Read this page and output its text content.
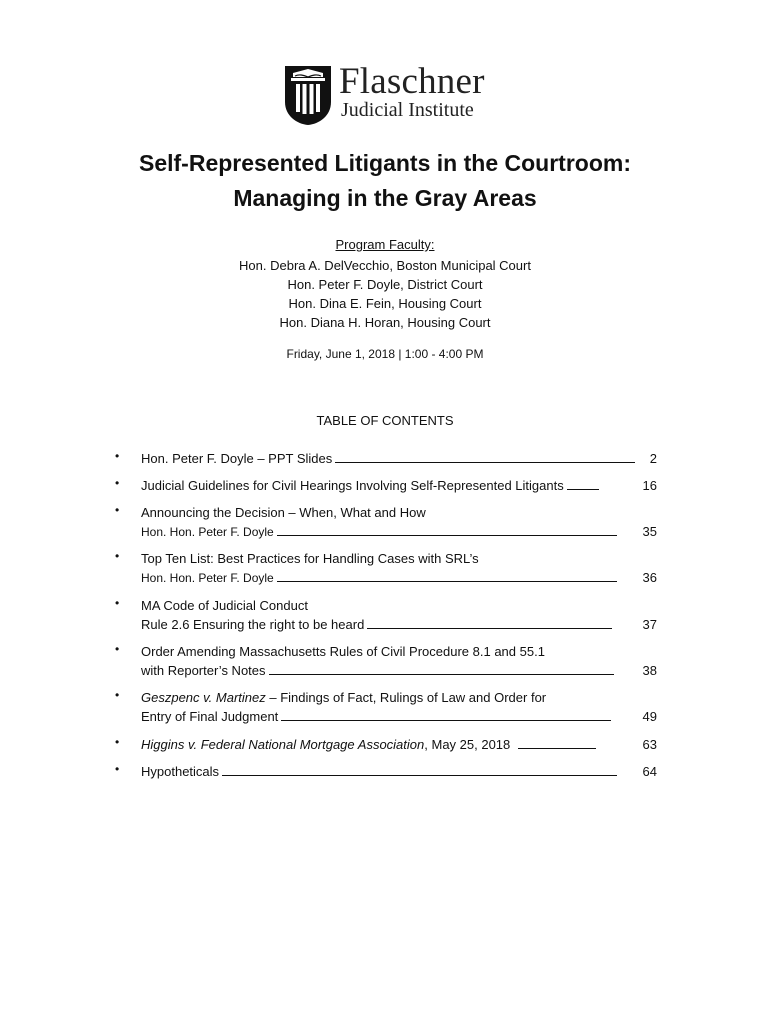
Flaschner
Judicial Institute
Self-Represented Litigants in the Courtroom:
Managing in the Gray Areas
Program Faculty:
Hon. Debra A. DelVecchio, Boston Municipal Court
Hon. Peter F. Doyle, District Court
Hon. Dina E. Fein, Housing Court
Hon. Diana H. Horan, Housing Court
Friday, June 1, 2018 | 1:00 - 4:00 PM
TABLE OF CONTENTS
• Hon. Peter F. Doyle – PPT Slides	2
• Judicial Guidelines for Civil Hearings Involving Self-Represented Litigants	16
• Announcing the Decision – When, What and How
Hon. Hon. Peter F. Doyle	35
• Top Ten List: Best Practices for Handling Cases with SRL’s
Hon. Hon. Peter F. Doyle	36
• MA Code of Judicial Conduct
Rule 2.6 Ensuring the right to be heard	37
• Order Amending Massachusetts Rules of Civil Procedure 8.1 and 55.1
with Reporter’s Notes	38
• Geszpenc v. Martinez – Findings of Fact, Rulings of Law and Order for
Entry of Final Judgment	49
• Higgins v. Federal National Mortgage Association, May 25, 2018	63
• Hypotheticals	64
